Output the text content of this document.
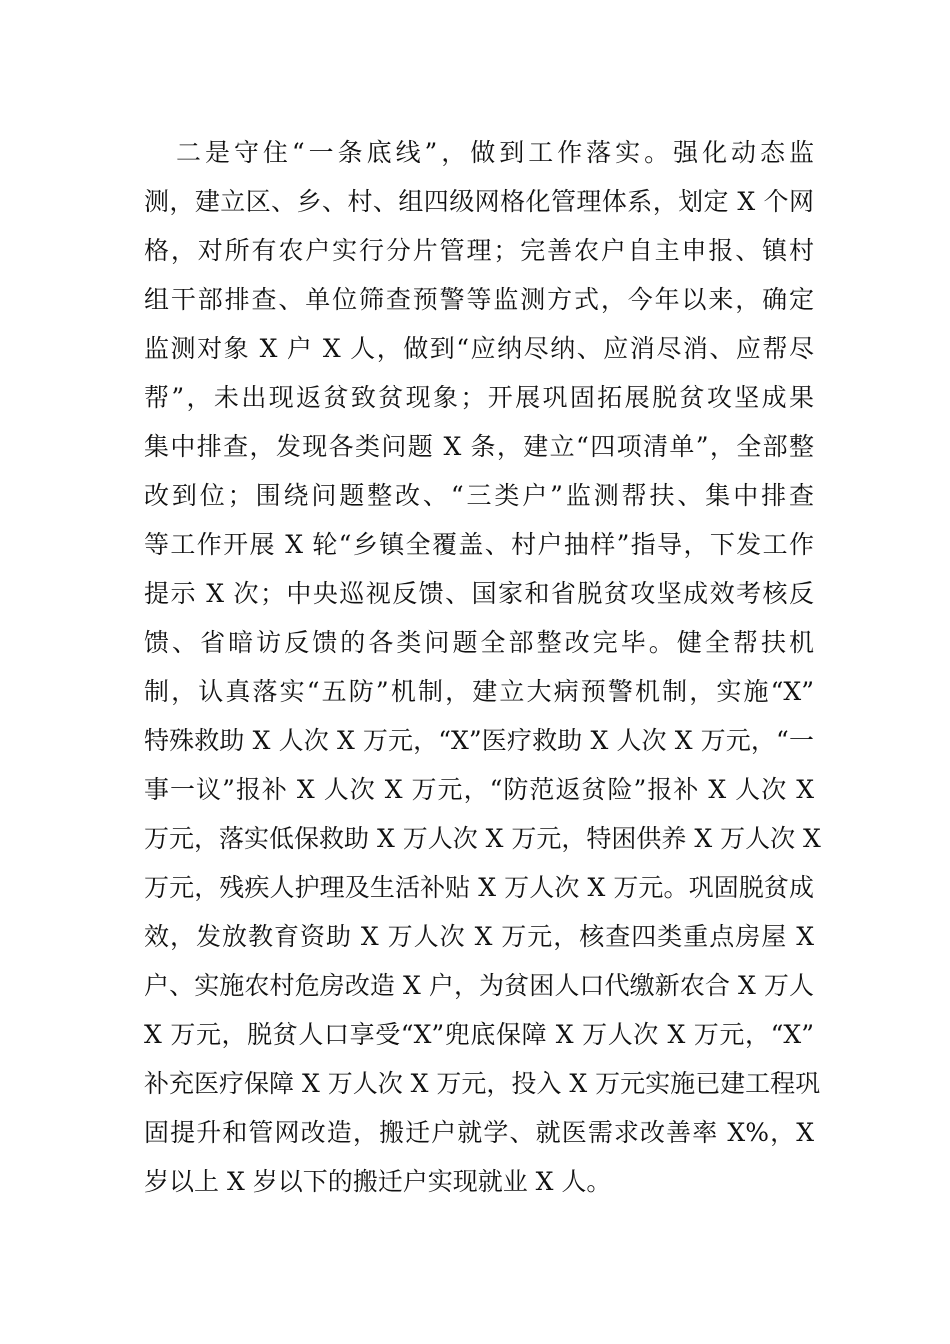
二是守住“一条底线”，做到工作落实。强化动态监
测，建立区、乡、村、组四级网格化管理体系，划定 X 个网
格，对所有农户实行分片管理；完善农户自主申报、镇村
组干部排查、单位筛查预警等监测方式，今年以来，确定
监测对象 X 户 X 人，做到“应纳尽纳、应消尽消、应帮尽
帮”，未出现返贫致贫现象；开展巩固拓展脱贫攻坚成果
集中排查，发现各类问题 X 条，建立“四项清单”，全部整
改到位；围绕问题整改、“三类户”监测帮扶、集中排查
等工作开展 X 轮“乡镇全覆盖、村户抽样”指导，下发工作
提示 X 次；中央巡视反馈、国家和省脱贫攻坚成效考核反
馈、省暗访反馈的各类问题全部整改完毕。健全帮扶机
制，认真落实“五防”机制，建立大病预警机制，实施“X”
特殊救助 X 人次 X 万元，“X”医疗救助 X 人次 X 万元，“一
事一议”报补 X 人次 X 万元，“防范返贫险”报补 X 人次 X
万元，落实低保救助 X 万人次 X 万元，特困供养 X 万人次 X
万元，残疾人护理及生活补贴 X 万人次 X 万元。巩固脱贫成
效，发放教育资助 X 万人次 X 万元，核查四类重点房屋 X
户、实施农村危房改造 X 户，为贫困人口代缴新农合 X 万人
X 万元，脱贫人口享受“X”兜底保障 X 万人次 X 万元，“X”
补充医疗保障 X 万人次 X 万元，投入 X 万元实施已建工程巩
固提升和管网改造，搬迁户就学、就医需求改善率 X%，X
岁以上 X 岁以下的搬迁户实现就业 X 人。
